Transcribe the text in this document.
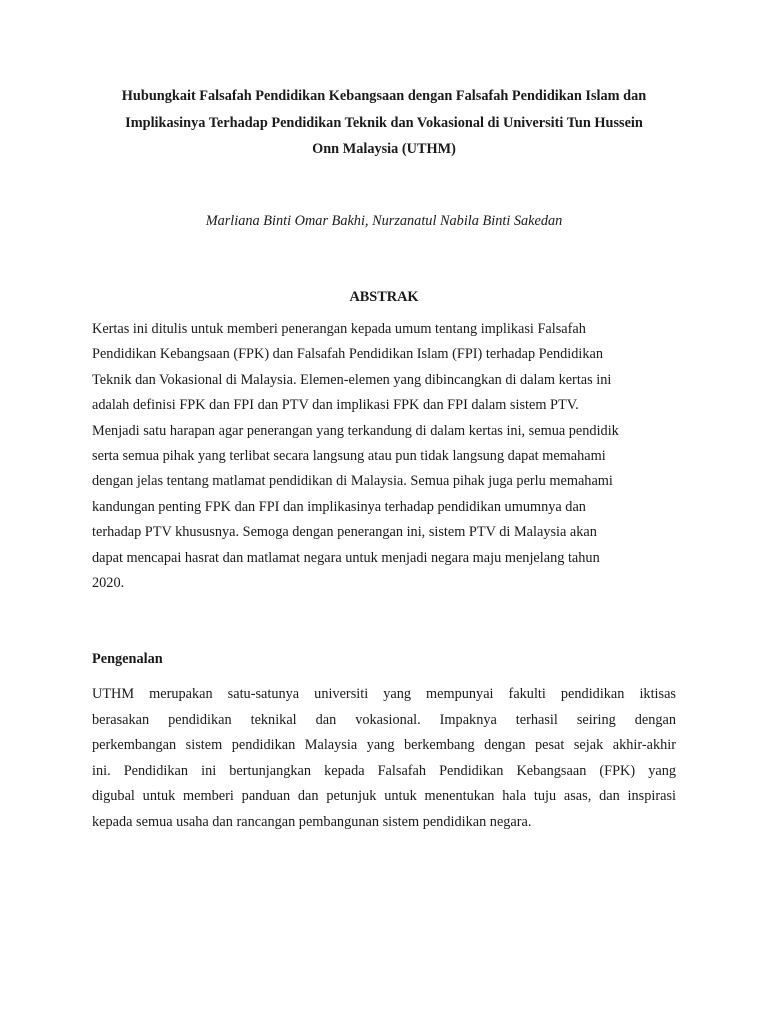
Hubungkait Falsafah Pendidikan Kebangsaan dengan Falsafah Pendidikan Islam dan
Implikasinya Terhadap Pendidikan Teknik dan Vokasional di Universiti Tun Hussein
Onn Malaysia (UTHM)

Marliana Binti Omar Bakhi, Nurzanatul Nabila Binti Sakedan

ABSTRAK

Kertas ini ditulis untuk memberi penerangan kepada umum tentang implikasi Falsafah
Pendidikan Kebangsaan (FPK) dan Falsafah Pendidikan Islam (FPI) terhadap Pendidikan
Teknik dan Vokasional di Malaysia. Elemen-elemen yang dibincangkan di dalam kertas ini
adalah definisi FPK dan FPI dan PTV dan implikasi FPK dan FPI dalam sistem PTV.
Menjadi satu harapan agar penerangan yang terkandung di dalam kertas ini, semua pendidik
serta semua pihak yang terlibat secara langsung atau pun tidak langsung dapat memahami
dengan jelas tentang matlamat pendidikan di Malaysia. Semua pihak juga perlu memahami
kandungan penting FPK dan FPI dan implikasinya terhadap pendidikan umumnya dan
terhadap PTV khususnya. Semoga dengan penerangan ini, sistem PTV di Malaysia akan
dapat mencapai hasrat dan matlamat negara untuk menjadi negara maju menjelang tahun
2020.

Pengenalan

UTHM merupakan satu-satunya universiti yang mempunyai fakulti pendidikan iktisas
berasakan pendidikan teknikal dan vokasional. Impaknya terhasil seiring dengan
perkembangan sistem pendidikan Malaysia yang berkembang dengan pesat sejak akhir-akhir
ini. Pendidikan ini bertunjangkan kepada Falsafah Pendidikan Kebangsaan (FPK) yang
digubal untuk memberi panduan dan petunjuk untuk menentukan hala tuju asas, dan inspirasi
kepada semua usaha dan rancangan pembangunan sistem pendidikan negara.
